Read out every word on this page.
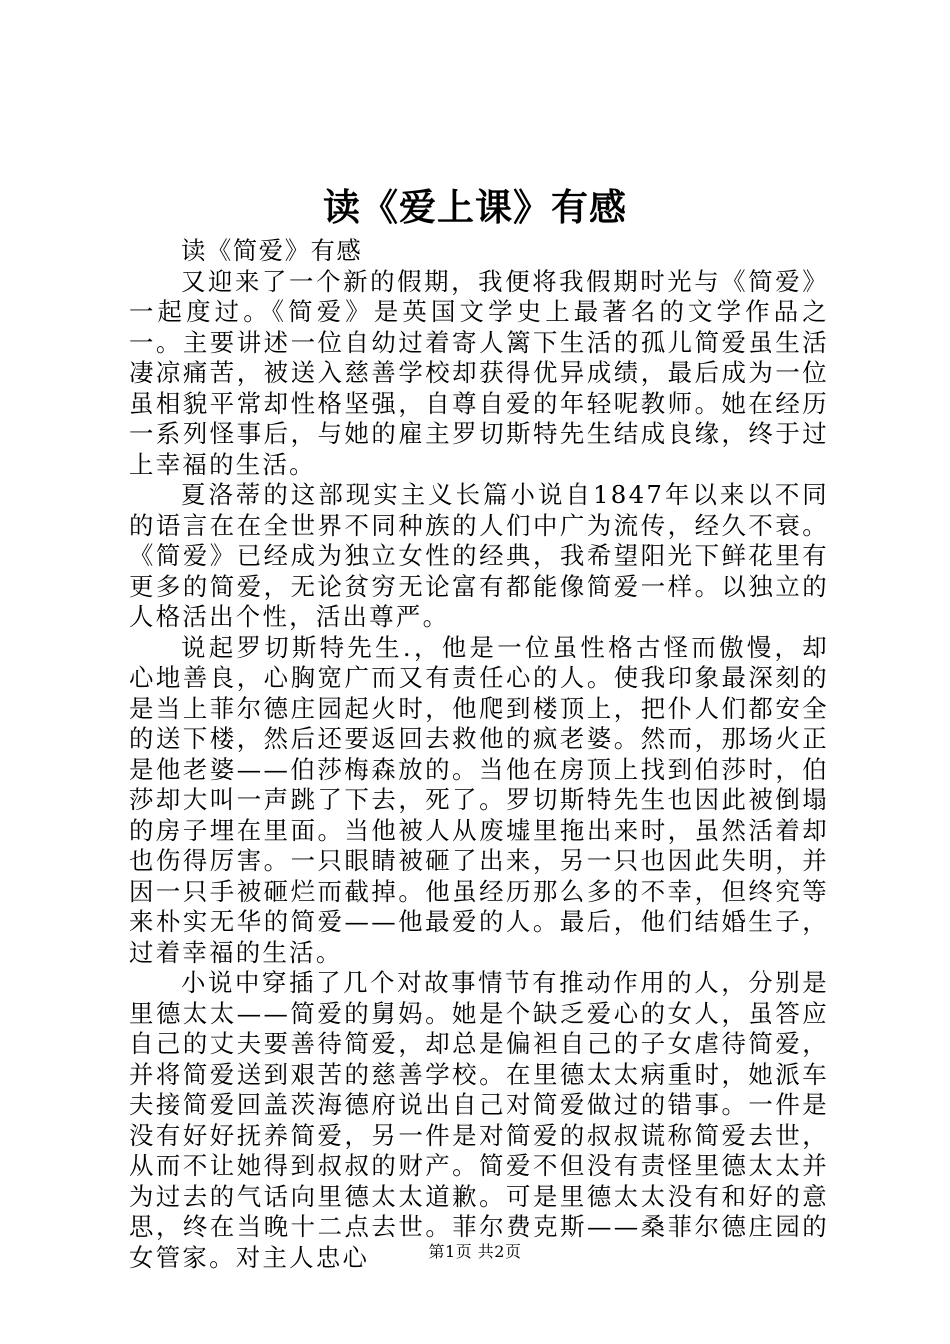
读《爱上课》有感

读《简爱》有感

又迎来了一个新的假期，我便将我假期时光与《简爱》一起度过。《简爱》是英国文学史上最著名的文学作品之一。主要讲述一位自幼过着寄人篱下生活的孤儿简爱虽生活凄凉痛苦，被送入慈善学校却获得优异成绩，最后成为一位虽相貌平常却性格坚强，自尊自爱的年轻呢教师。她在经历一系列怪事后，与她的雇主罗切斯特先生结成良缘，终于过上幸福的生活。

夏洛蒂的这部现实主义长篇小说自1847年以来以不同的语言在在全世界不同种族的人们中广为流传，经久不衰。《简爱》已经成为独立女性的经典，我希望阳光下鲜花里有更多的简爱，无论贫穷无论富有都能像简爱一样。以独立的人格活出个性，活出尊严。

说起罗切斯特先生.，他是一位虽性格古怪而傲慢，却心地善良，心胸宽广而又有责任心的人。使我印象最深刻的是当上菲尔德庄园起火时，他爬到楼顶上，把仆人们都安全的送下楼，然后还要返回去救他的疯老婆。然而，那场火正是他老婆——伯莎梅森放的。当他在房顶上找到伯莎时，伯莎却大叫一声跳了下去，死了。罗切斯特先生也因此被倒塌的房子埋在里面。当他被人从废墟里拖出来时，虽然活着却也伤得厉害。一只眼睛被砸了出来，另一只也因此失明，并因一只手被砸烂而截掉。他虽经历那么多的不幸，但终究等来朴实无华的简爱——他最爱的人。最后，他们结婚生子，过着幸福的生活。

小说中穿插了几个对故事情节有推动作用的人，分别是里德太太——简爱的舅妈。她是个缺乏爱心的女人，虽答应自己的丈夫要善待简爱，却总是偏袒自己的子女虐待简爱，并将简爱送到艰苦的慈善学校。在里德太太病重时，她派车夫接简爱回盖茨海德府说出自己对简爱做过的错事。一件是没有好好抚养简爱，另一件是对简爱的叔叔谎称简爱去世，从而不让她得到叔叔的财产。简爱不但没有责怪里德太太并为过去的气话向里德太太道歉。可是里德太太没有和好的意思，终在当晚十二点去世。菲尔费克斯——桑菲尔德庄园的女管家。对主人忠心	第1页 共2页
